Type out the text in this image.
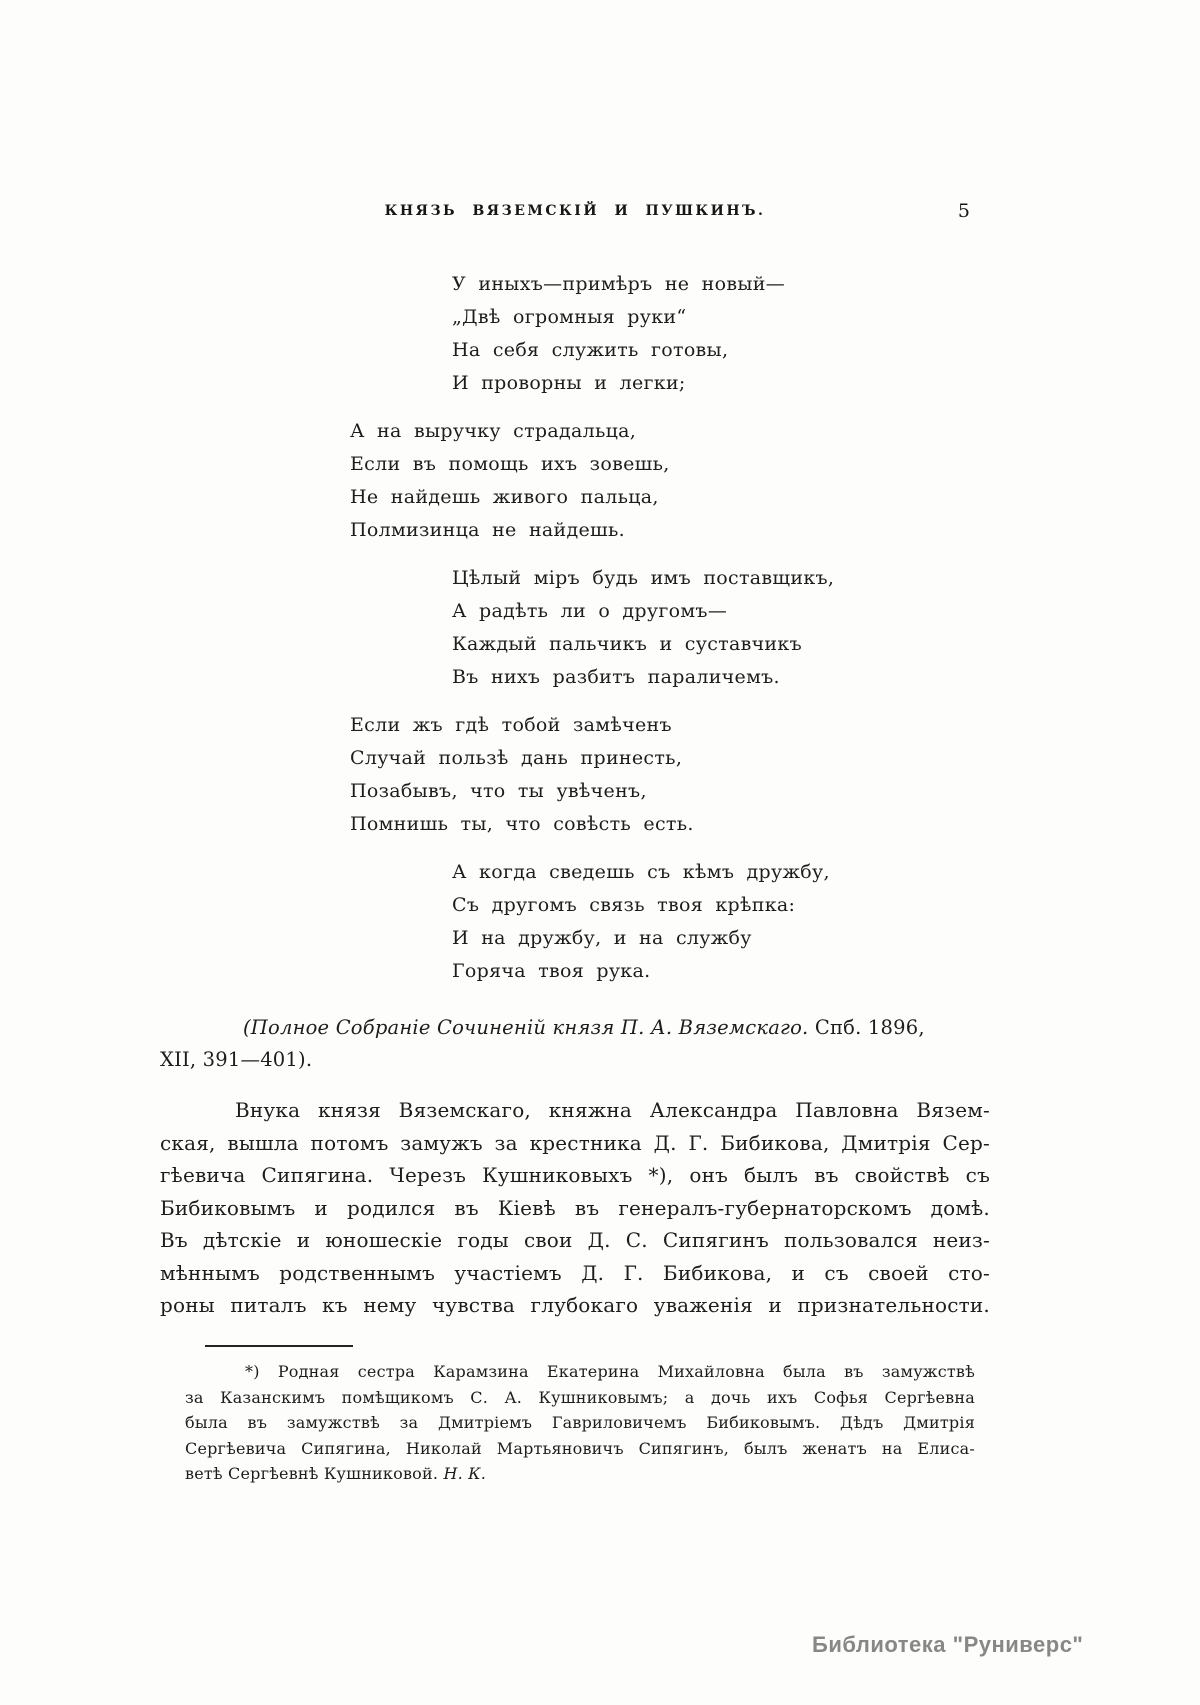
КНЯЗЬ ВЯЗЕМСКІЙ И ПУШКИНЪ.	5
У иныхъ—примѣръ не новый—
„Двѣ огромныя руки“
На себя служить готовы,
И проворны и легки;
А на выручку страдальца,
Если въ помощь ихъ зовешь,
Не найдешь живого пальца,
Полмизинца не найдешь.
Цѣлый міръ будь имъ поставщикъ,
А радѣть ли о другомъ—
Каждый пальчикъ и суставчикъ
Въ нихъ разбитъ параличемъ.
Если жъ гдѣ тобой замѣченъ
Случай пользѣ дань принесть,
Позабывъ, что ты увѣченъ,
Помнишь ты, что совѣсть есть.
А когда сведешь съ кѣмъ дружбу,
Съ другомъ связь твоя крѣпка:
И на дружбу, и на службу
Горяча твоя рука.
(Полное Собраніе Сочиненій князя П. А. Вяземскаго. Спб. 1896,
XII, 391—401).
Внука князя Вяземскаго, княжна Александра Павловна Вязем-
ская, вышла потомъ замужъ за крестника Д. Г. Бибикова, Дмитрія Сер-
гѣевича Сипягина. Черезъ Кушниковыхъ *), онъ былъ въ свойствѣ съ
Бибиковымъ и родился въ Кіевѣ въ генералъ-губернаторскомъ домѣ.
Въ дѣтскіе и юношескіе годы свои Д. С. Сипягинъ пользовался неиз-
мѣннымъ родственнымъ участіемъ Д. Г. Бибикова, и съ своей сто-
роны питалъ къ нему чувства глубокаго уваженія и признательности.
*) Родная сестра Карамзина Екатерина Михайловна была въ замужствѣ
за Казанскимъ помѣщикомъ С. А. Кушниковымъ; а дочь ихъ Софья Сергѣевна
была въ замужствѣ за Дмитріемъ Гавриловичемъ Бибиковымъ. Дѣдъ Дмитрія
Сергѣевича Сипягина, Николай Мартьяновичъ Сипягинъ, былъ женатъ на Елиса-
ветѣ Сергѣевнѣ Кушниковой. Н. К.
Библиотека "Руниверс"
